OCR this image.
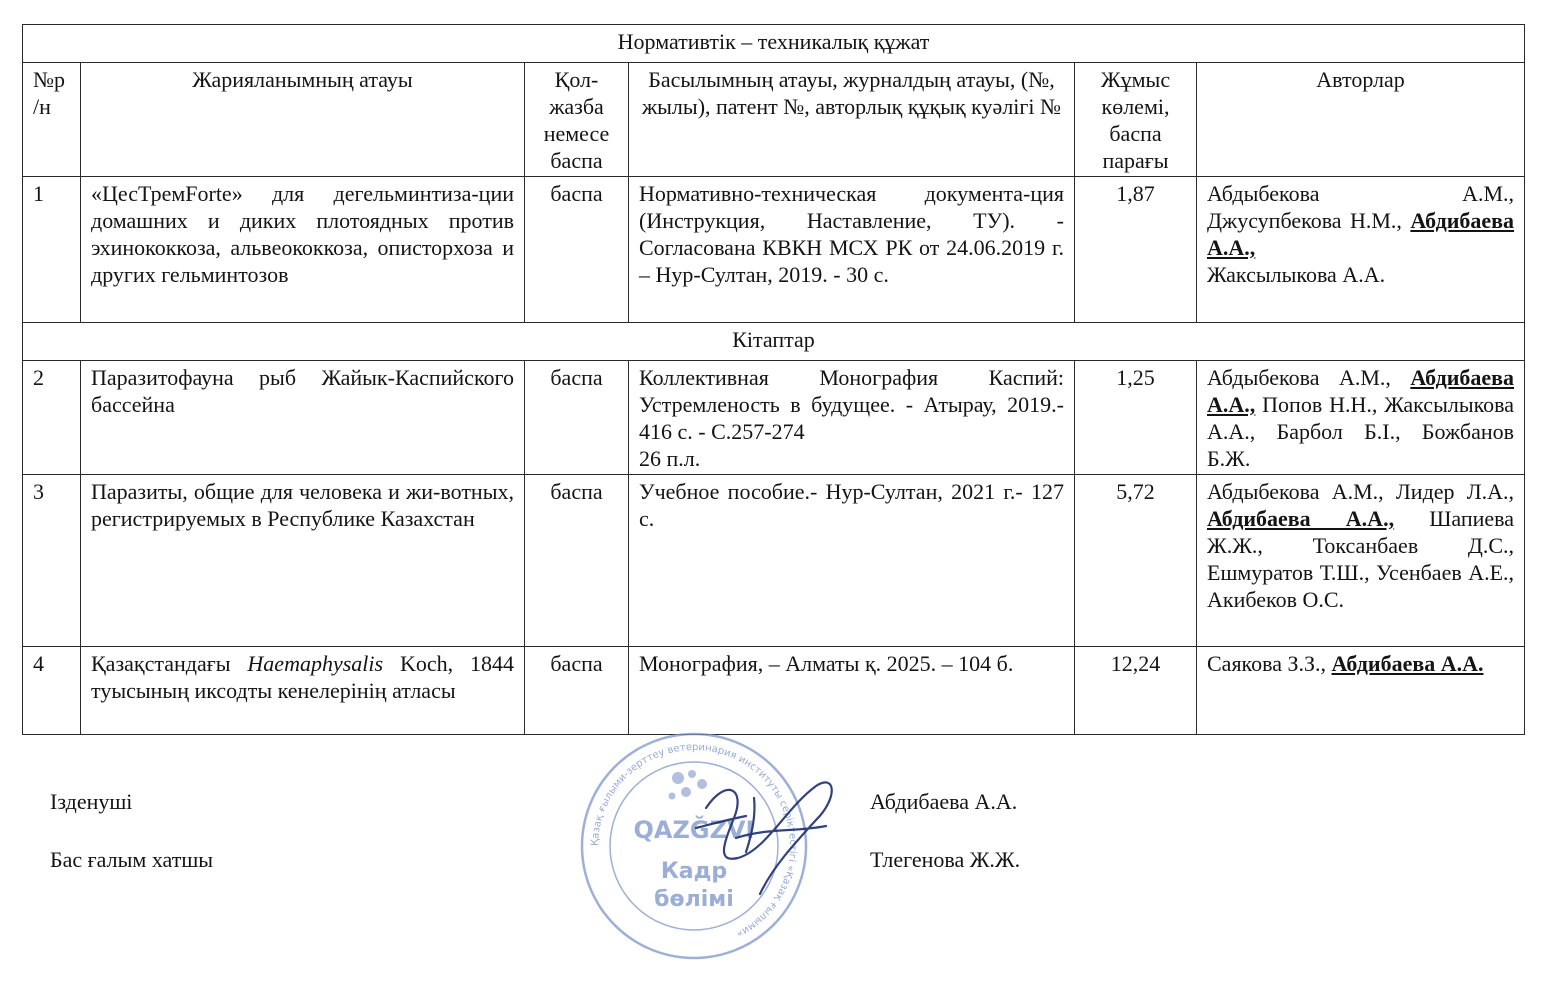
Нормативтік – техникалық құжат					
№р /н	Жарияланымның атауы	Қол-жазба немесе баспа	Басылымның атауы, журналдың атауы, (№, жылы), патент №, авторлық құқық куәлігі №	Жұмыс көлемі, баспа парағы	Авторлар
1	«ЦесТремForte» для дегельминтиза-ции домашних и диких плотоядных против эхинококкоза, альвеококкоза, описторхоза и других гельминтозов	баспа	Нормативно-техническая документа-ция (Инструкция, Наставление, ТУ). - Согласована КВКН МСХ РК от 24.06.2019 г. – Нур-Султан, 2019. - 30 с.	1,87	Абдыбекова А.М., Джусупбекова Н.М., Абдибаева А.А.,
Жаксылыкова А.А.
Кітаптар					
2	Паразитофауна рыб Жайык-Каспийского бассейна	баспа	Коллективная Монография Каспий: Устремленость в будущее. - Атырау, 2019.- 416 с. - С.257-274
26 п.л.	1,25	Абдыбекова А.М., Абдибаева А.А., Попов Н.Н., Жаксылыкова А.А., Барбол Б.І., Божбанов Б.Ж.
3	Паразиты, общие для человека и жи-вотных, регистрируемых в Республике Казахстан	баспа	Учебное пособие.- Нур-Султан, 2021 г.- 127 с.	5,72	Абдыбекова А.М., Лидер Л.А., Абдибаева А.А., Шапиева Ж.Ж., Токсанбаев Д.С., Ешмуратов Т.Ш., Усенбаев А.Е., Акибеков О.С.
4	Қазақстандағы Haemaphysalis Koch, 1844 туысының иксодты кенелерінің атласы	баспа	Монография, – Алматы қ. 2025. – 104 б.	12,24	Саякова З.З., Абдибаева А.А.
Ізденуші	Абдибаева А.А.
Бас ғалым хатшы	Тлегенова Ж.Ж.
Қазақ ғылыми-зерттеу ветеринария институты серіктестігі «Қазақ ғылыми»
QAZĞZVI
Кадр
бөлімі
